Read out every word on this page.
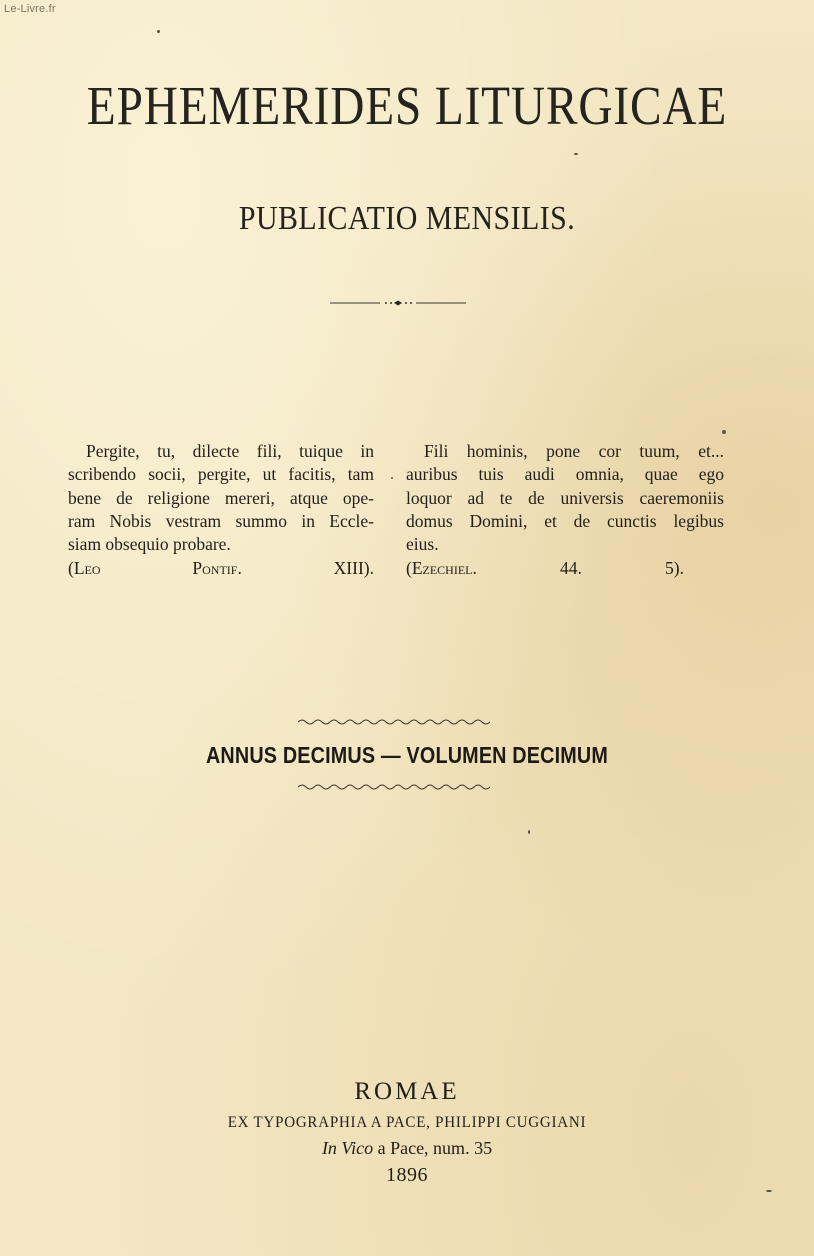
Le-Livre.fr
EPHEMERIDES LITURGICAE
PUBLICATIO MENSILIS.

Pergite, tu, dilecte fili, tuique in

scribendo socii, pergite, ut facitis, tam

bene de religione mereri, atque ope-

ram Nobis vestram summo in Eccle-

siam obsequio probare.

(Leo Pontif. XIII).

Fili hominis, pone cor tuum, et...

auribus tuis audi omnia, quae ego

loquor ad te de universis caeremoniis

domus Domini, et de cunctis legibus

eius.

(Ezechiel. 44. 5).

ANNUS DECIMUS — VOLUMEN DECIMUM
ROMAE
EX TYPOGRAPHIA A PACE, PHILIPPI CUGGIANI
In Vico a Pace, num. 35
1896
